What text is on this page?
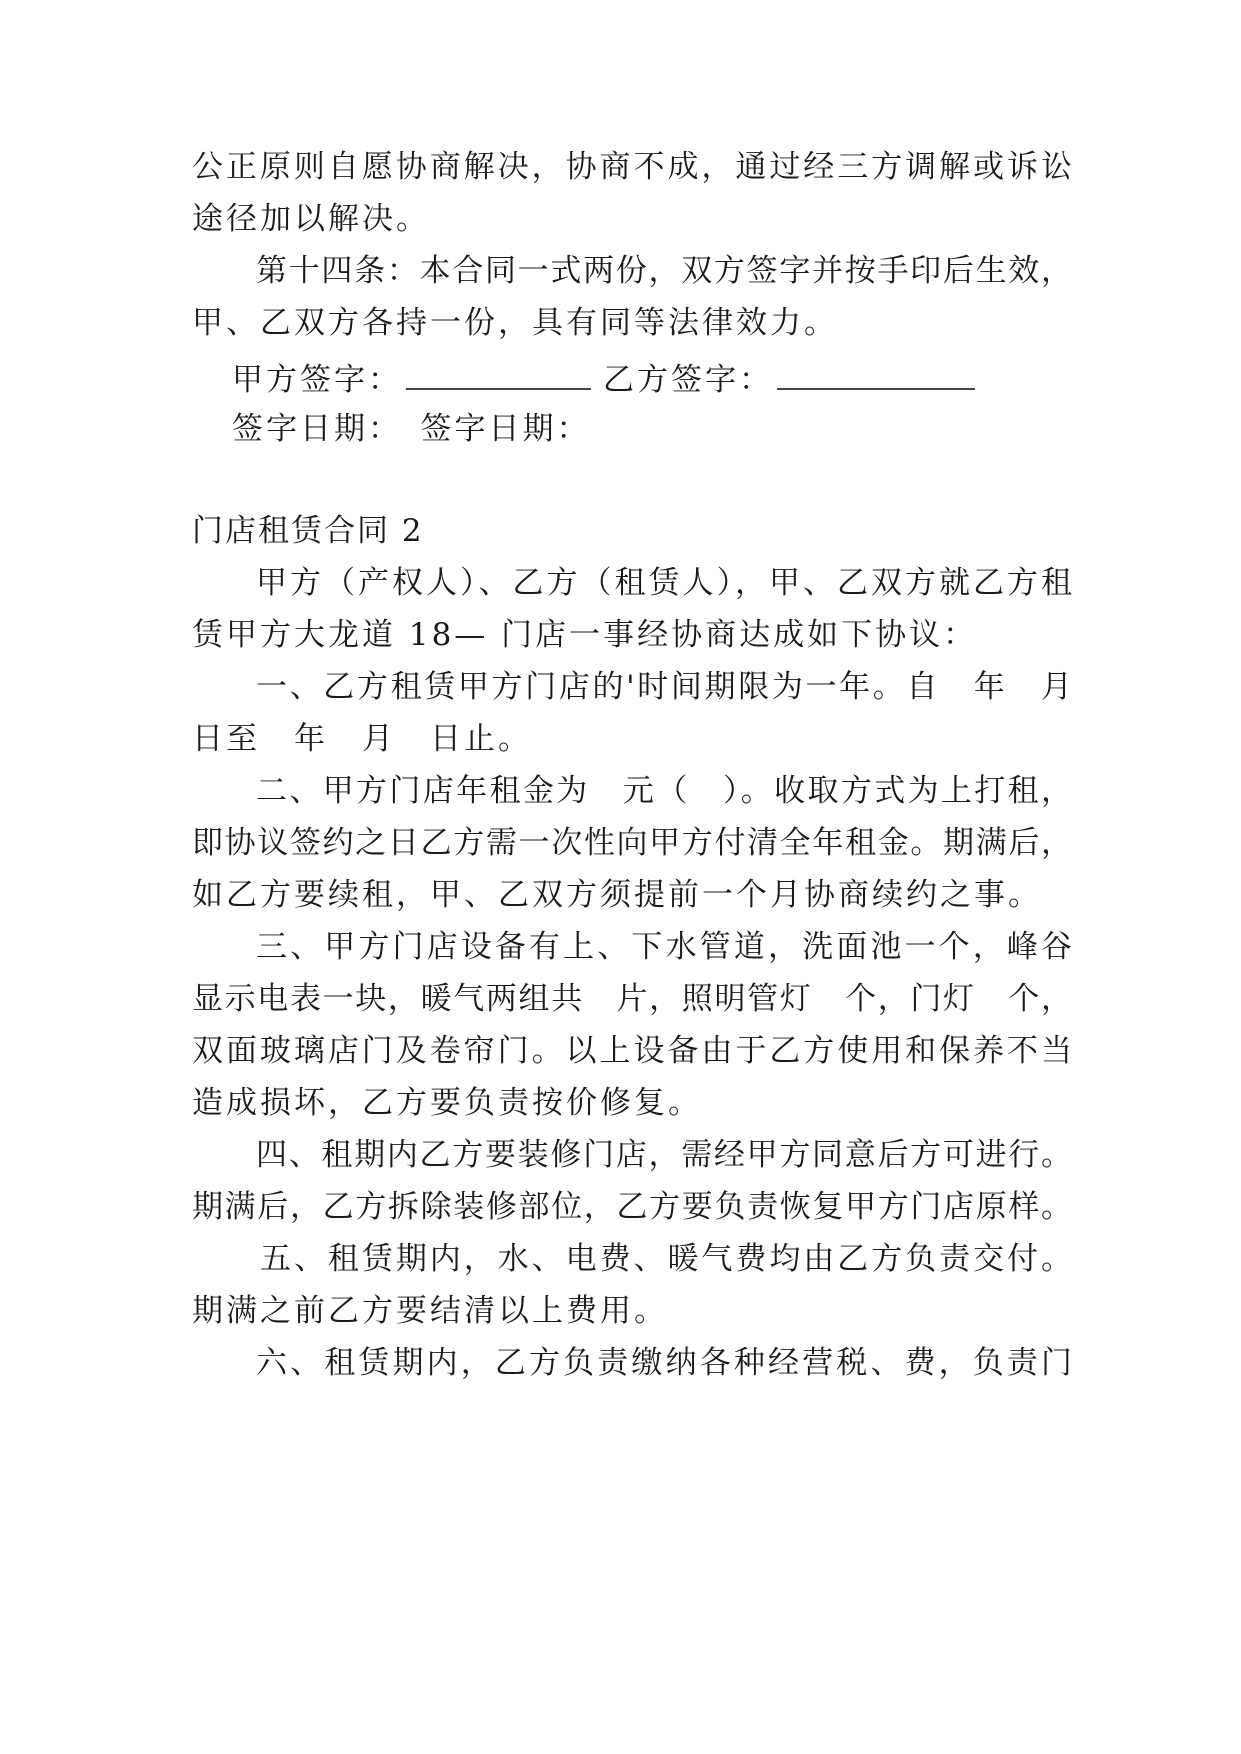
公正原则自愿协商解决，协商不成，通过经三方调解或诉讼
途径加以解决。
第十四条：本合同一式两份，双方签字并按手印后生效，
甲、乙双方各持一份，具有同等法律效力。
甲方签字：	乙方签字：
签字日期：　签字日期：
门店租赁合同 2
甲方（产权人）、乙方（租赁人），甲、乙双方就乙方租
赁甲方大龙道 18— 门店一事经协商达成如下协议：
一、乙方租赁甲方门店的'时间期限为一年。自　年　月
日至　年　月　日止。
二、甲方门店年租金为　元（　）。收取方式为上打租，
即协议签约之日乙方需一次性向甲方付清全年租金。期满后，
如乙方要续租，甲、乙双方须提前一个月协商续约之事。
三、甲方门店设备有上、下水管道，洗面池一个，峰谷
显示电表一块，暖气两组共　片，照明管灯　个，门灯　个，
双面玻璃店门及卷帘门。以上设备由于乙方使用和保养不当
造成损坏，乙方要负责按价修复。
四、租期内乙方要装修门店，需经甲方同意后方可进行。
期满后，乙方拆除装修部位，乙方要负责恢复甲方门店原样。
五、租赁期内，水、电费、暖气费均由乙方负责交付。
期满之前乙方要结清以上费用。
六、租赁期内，乙方负责缴纳各种经营税、费，负责门
